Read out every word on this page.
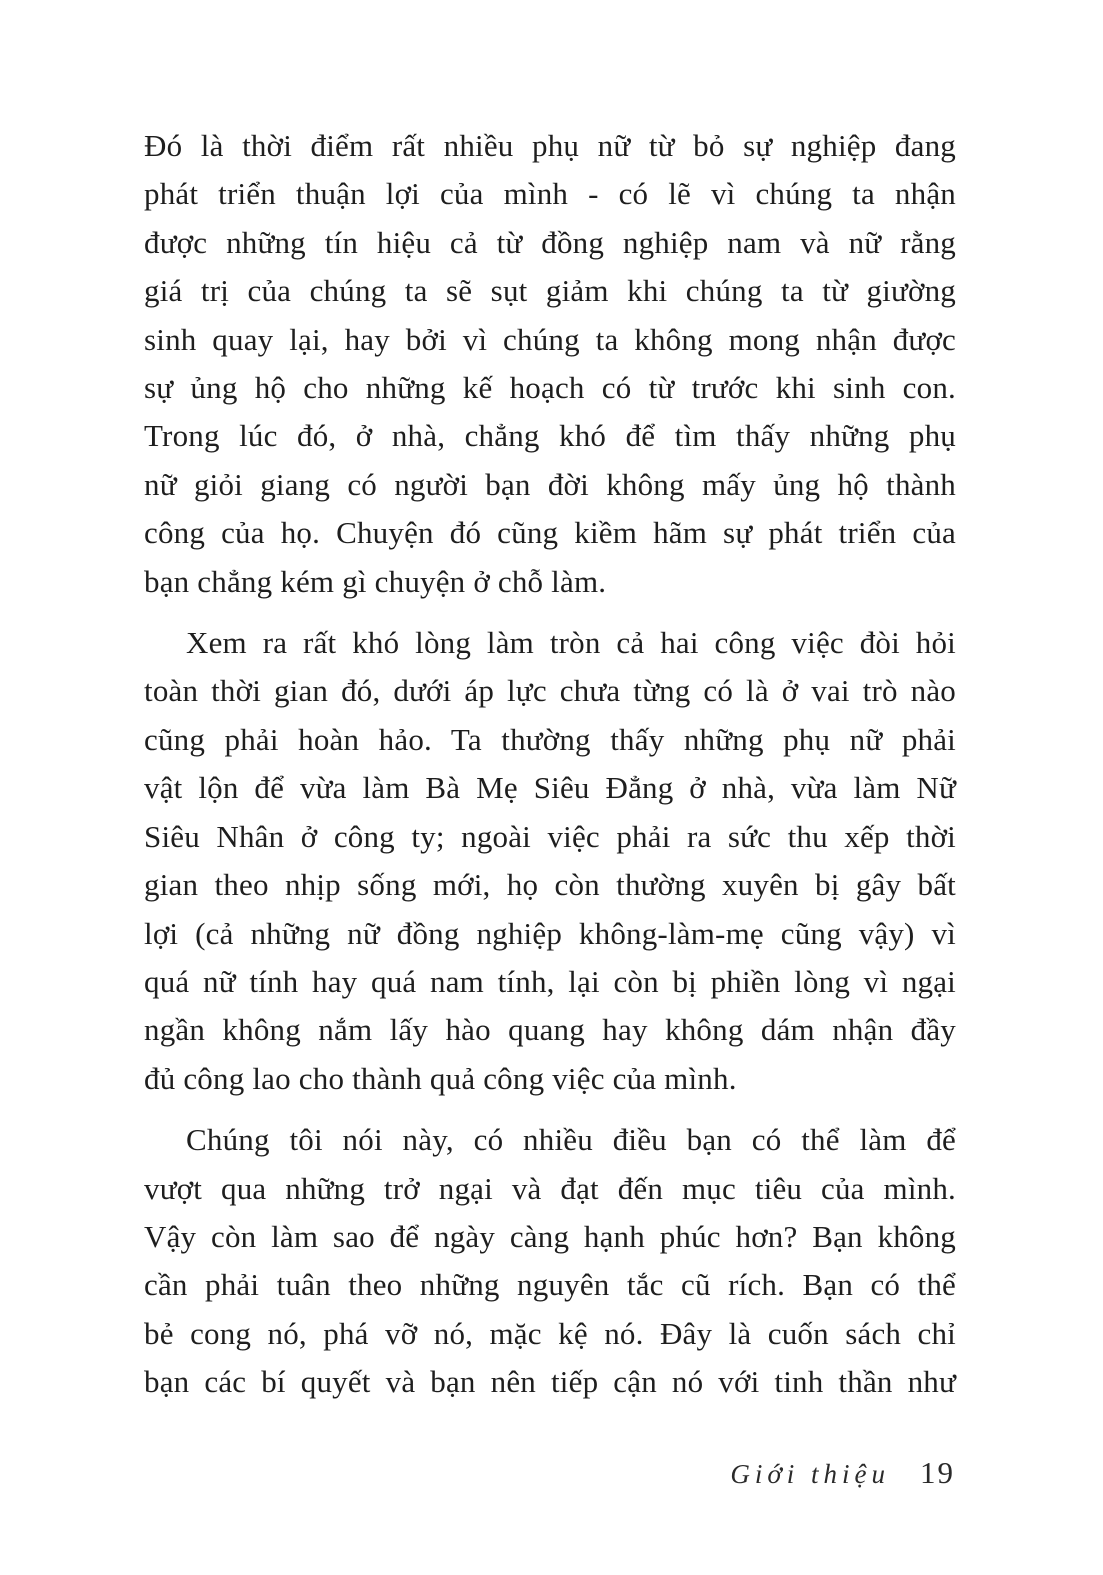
Đó là thời điểm rất nhiều phụ nữ từ bỏ sự nghiệp đang
phát triển thuận lợi của mình - có lẽ vì chúng ta nhận
được những tín hiệu cả từ đồng nghiệp nam và nữ rằng
giá trị của chúng ta sẽ sụt giảm khi chúng ta từ giường
sinh quay lại, hay bởi vì chúng ta không mong nhận được
sự ủng hộ cho những kế hoạch có từ trước khi sinh con.
Trong lúc đó, ở nhà, chẳng khó để tìm thấy những phụ
nữ giỏi giang có người bạn đời không mấy ủng hộ thành
công của họ. Chuyện đó cũng kiềm hãm sự phát triển của
bạn chẳng kém gì chuyện ở chỗ làm.
Xem ra rất khó lòng làm tròn cả hai công việc đòi hỏi
toàn thời gian đó, dưới áp lực chưa từng có là ở vai trò nào
cũng phải hoàn hảo. Ta thường thấy những phụ nữ phải
vật lộn để vừa làm Bà Mẹ Siêu Đẳng ở nhà, vừa làm Nữ
Siêu Nhân ở công ty; ngoài việc phải ra sức thu xếp thời
gian theo nhịp sống mới, họ còn thường xuyên bị gây bất
lợi (cả những nữ đồng nghiệp không-làm-mẹ cũng vậy) vì
quá nữ tính hay quá nam tính, lại còn bị phiền lòng vì ngại
ngần không nắm lấy hào quang hay không dám nhận đầy
đủ công lao cho thành quả công việc của mình.
Chúng tôi nói này, có nhiều điều bạn có thể làm để
vượt qua những trở ngại và đạt đến mục tiêu của mình.
Vậy còn làm sao để ngày càng hạnh phúc hơn? Bạn không
cần phải tuân theo những nguyên tắc cũ rích. Bạn có thể
bẻ cong nó, phá vỡ nó, mặc kệ nó. Đây là cuốn sách chỉ
bạn các bí quyết và bạn nên tiếp cận nó với tinh thần như
Giới thiệu 19
